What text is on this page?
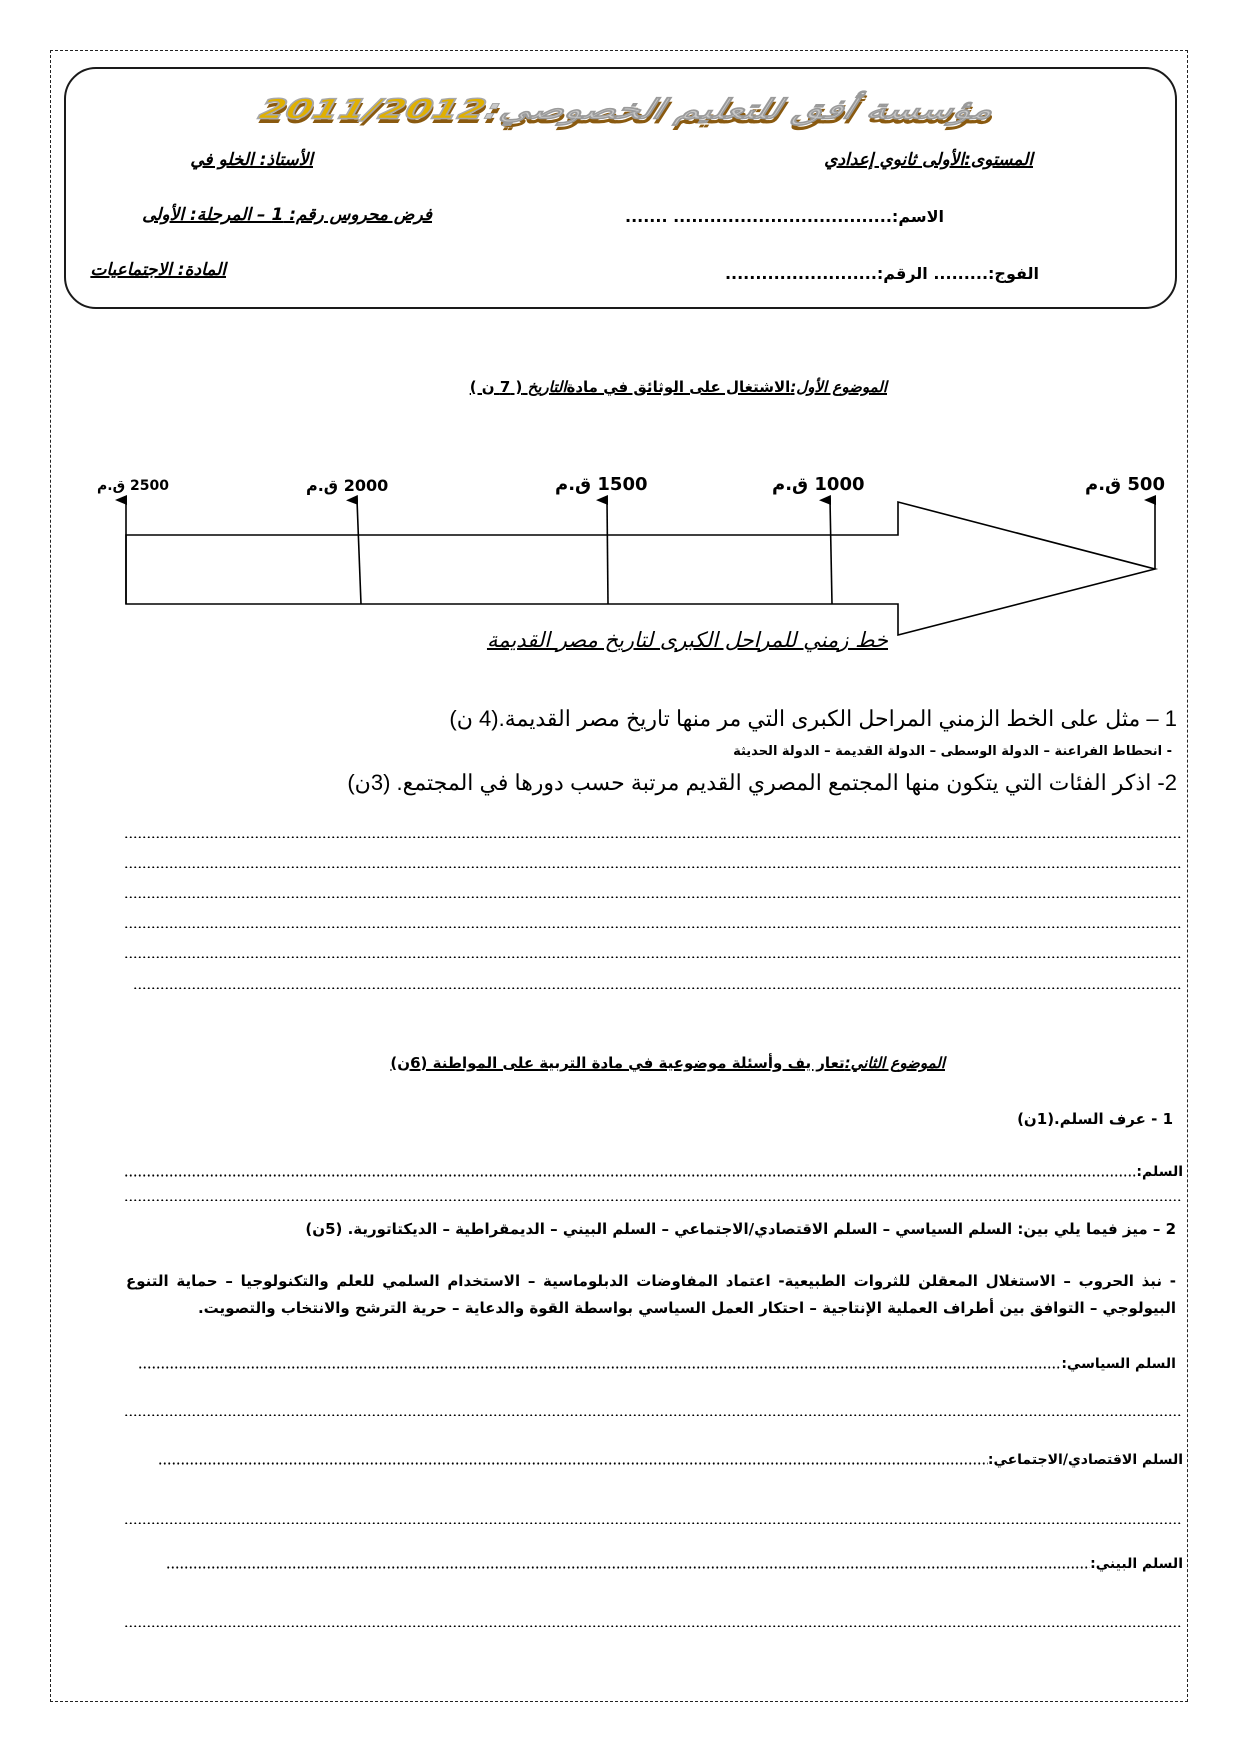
2011/2012مؤسسة أفق للتعليم الخصوصي:
المستوى:الأولى ثانوي إعدادي
الأستاذ: الخلو في
الاسم:.................................... .......
فرض محروس رقم: 1 – المرحلة: الأولى
الفوج:......... الرقم:.........................
المادة: الاجتماعيات
الموضوع الأول:الاشتغال على الوثائق في مادةالتاريخ ( 7 ن )
2500 ق.م	2000 ق.م	1500 ق.م	1000 ق.م	500 ق.م
خط زمني للمراحل الكبرى لتاريخ مصر القديمة
1 – مثل على الخط الزمني المراحل الكبرى التي مر منها تاريخ مصر القديمة.(4 ن)
- انحطاط الفراعنة – الدولة الوسطى – الدولة القديمة – الدولة الحديثة
2- اذكر الفئات التي يتكون منها المجتمع المصري القديم مرتبة حسب دورها في المجتمع. (3ن)
الموضوع الثاني:تعار يف وأسئلة موضوعية في مادة التربية على المواطنة (6ن)
1 - عرف السلم.(1ن)
السلم:
2 – ميز فيما يلي بين: السلم السياسي – السلم الاقتصادي/الاجتماعي – السلم البيني – الديمقراطية – الديكتاتورية. (5ن)
- نبذ الحروب – الاستغلال المعقلن للثروات الطبيعية- اعتماد المفاوضات الدبلوماسية – الاستخدام السلمي للعلم والتكنولوجيا – حماية التنوع البيولوجي – التوافق بين أطراف العملية الإنتاجية – احتكار العمل السياسي بواسطة القوة والدعاية – حرية الترشح والانتخاب والتصويت.
السلم السياسي:
السلم الاقتصادي/الاجتماعي:
السلم البيني:
